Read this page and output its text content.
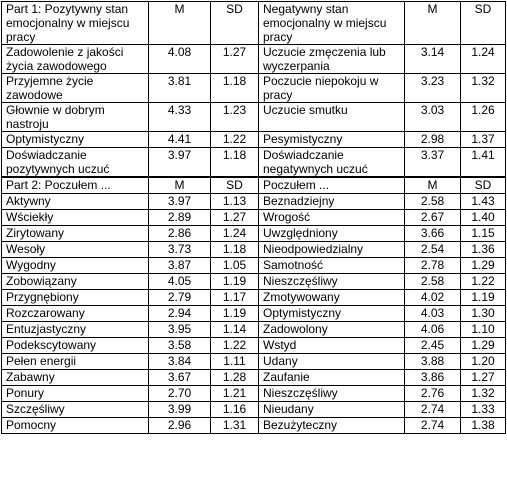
Part 1: Pozytywny stan emocjonalny w miejscu pracy	M	SD	Negatywny stan emocjonalny w miejscu pracy	M	SD
Zadowolenie z jakości życia zawodowego	4.08	1.27	Uczucie zmęczenia lub wyczerpania	3.14	1.24
Przyjemne życie zawodowe	3.81	1.18	Poczucie niepokoju w pracy	3.23	1.32
Głownie w dobrym nastroju	4.33	1.23	Uczucie smutku	3.03	1.26
Optymistyczny	4.41	1.22	Pesymistyczny	2.98	1.37
Doświadczanie pozytywnych uczuć	3.97	1.18	Doświadczanie negatywnych uczuć	3.37	1.41
Part 2: Poczułem ...	M	SD	Poczułem ...	M	SD
Aktywny	3.97	1.13	Beznadziejny	2.58	1.43
Wściekły	2.89	1.27	Wrogość	2.67	1.40
Zirytowany	2.86	1.24	Uwzględniony	3.66	1.15
Wesoły	3.73	1.18	Nieodpowiedzialny	2.54	1.36
Wygodny	3.87	1.05	Samotność	2.78	1.29
Zobowiązany	4.05	1.19	Nieszczęśliwy	2.58	1.22
Przygnębiony	2.79	1.17	Zmotywowany	4.02	1.19
Rozczarowany	2.94	1.19	Optymistyczny	4.03	1.30
Entuzjastyczny	3.95	1.14	Zadowolony	4.06	1.10
Podekscytowany	3.58	1.22	Wstyd	2.45	1.29
Pełen energii	3.84	1.11	Udany	3.88	1.20
Zabawny	3.67	1.28	Zaufanie	3.86	1.27
Ponury	2.70	1.21	Nieszczęśliwy	2.76	1.32
Szczęśliwy	3.99	1.16	Nieudany	2.74	1.33
Pomocny	2.96	1.31	Bezużyteczny	2.74	1.38
